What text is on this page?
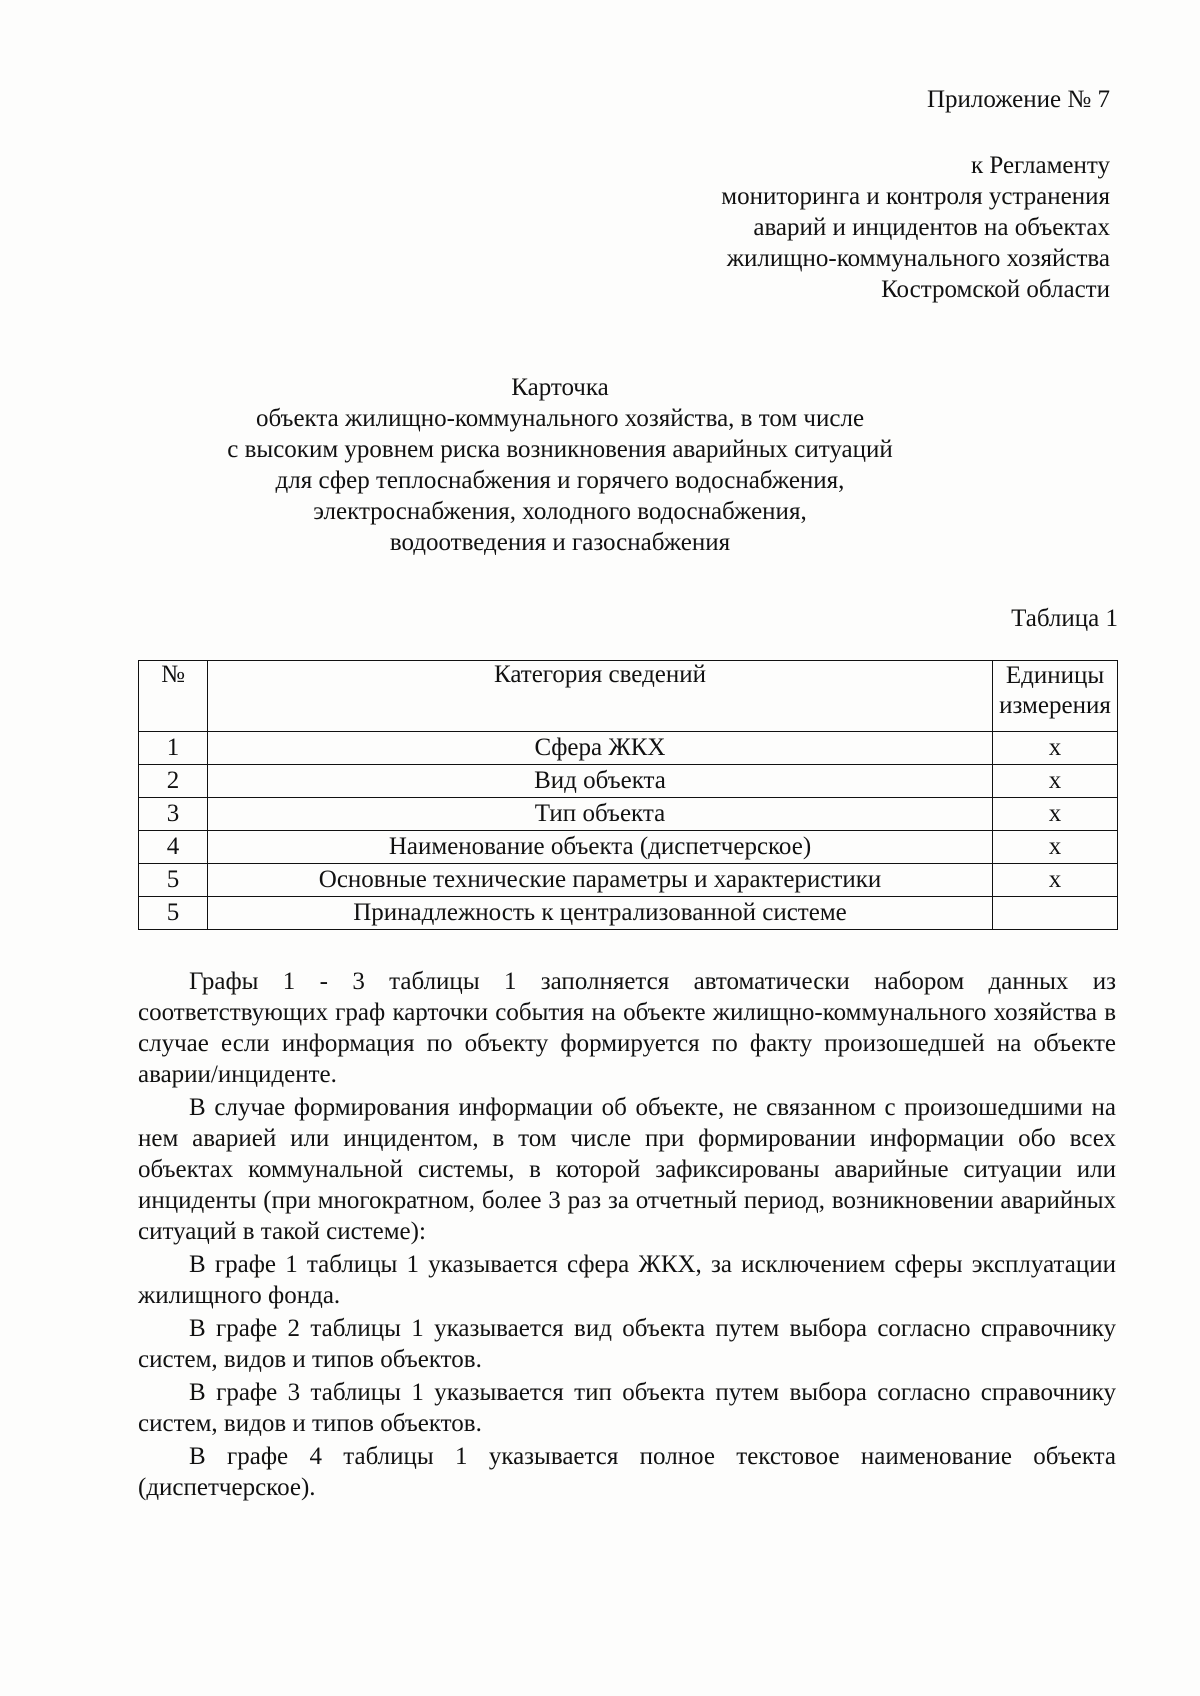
Приложение № 7
к Регламенту
мониторинга и контроля устранения
аварий и инцидентов на объектах
жилищно-коммунального хозяйства
Костромской области
Карточка
объекта жилищно-коммунального хозяйства, в том числе
с высоким уровнем риска возникновения аварийных ситуаций
для сфер теплоснабжения и горячего водоснабжения,
электроснабжения, холодного водоснабжения,
водоотведения и газоснабжения
Таблица 1
№	Категория сведений	Единицы измерения
1	Сфера ЖКХ	х
2	Вид объекта	х
3	Тип объекта	х
4	Наименование объекта (диспетчерское)	х
5	Основные технические параметры и характеристики	х
5	Принадлежность к централизованной системе	

Графы 1 - 3 таблицы 1 заполняется автоматически набором данных из соответствующих граф карточки события на объекте жилищно-коммунального хозяйства в случае если информация по объекту формируется по факту произошедшей на объекте аварии/инциденте.

В случае формирования информации об объекте, не связанном с произошедшими на нем аварией или инцидентом, в том числе при формировании информации обо всех объектах коммунальной системы, в которой зафиксированы аварийные ситуации или инциденты (при многократном, более 3 раз за отчетный период, возникновении аварийных ситуаций в такой системе):

В графе 1 таблицы 1 указывается сфера ЖКХ, за исключением сферы эксплуатации жилищного фонда.

В графе 2 таблицы 1 указывается вид объекта путем выбора согласно справочнику систем, видов и типов объектов.

В графе 3 таблицы 1 указывается тип объекта путем выбора согласно справочнику систем, видов и типов объектов.

В графе 4 таблицы 1 указывается полное текстовое наименование объекта (диспетчерское).
